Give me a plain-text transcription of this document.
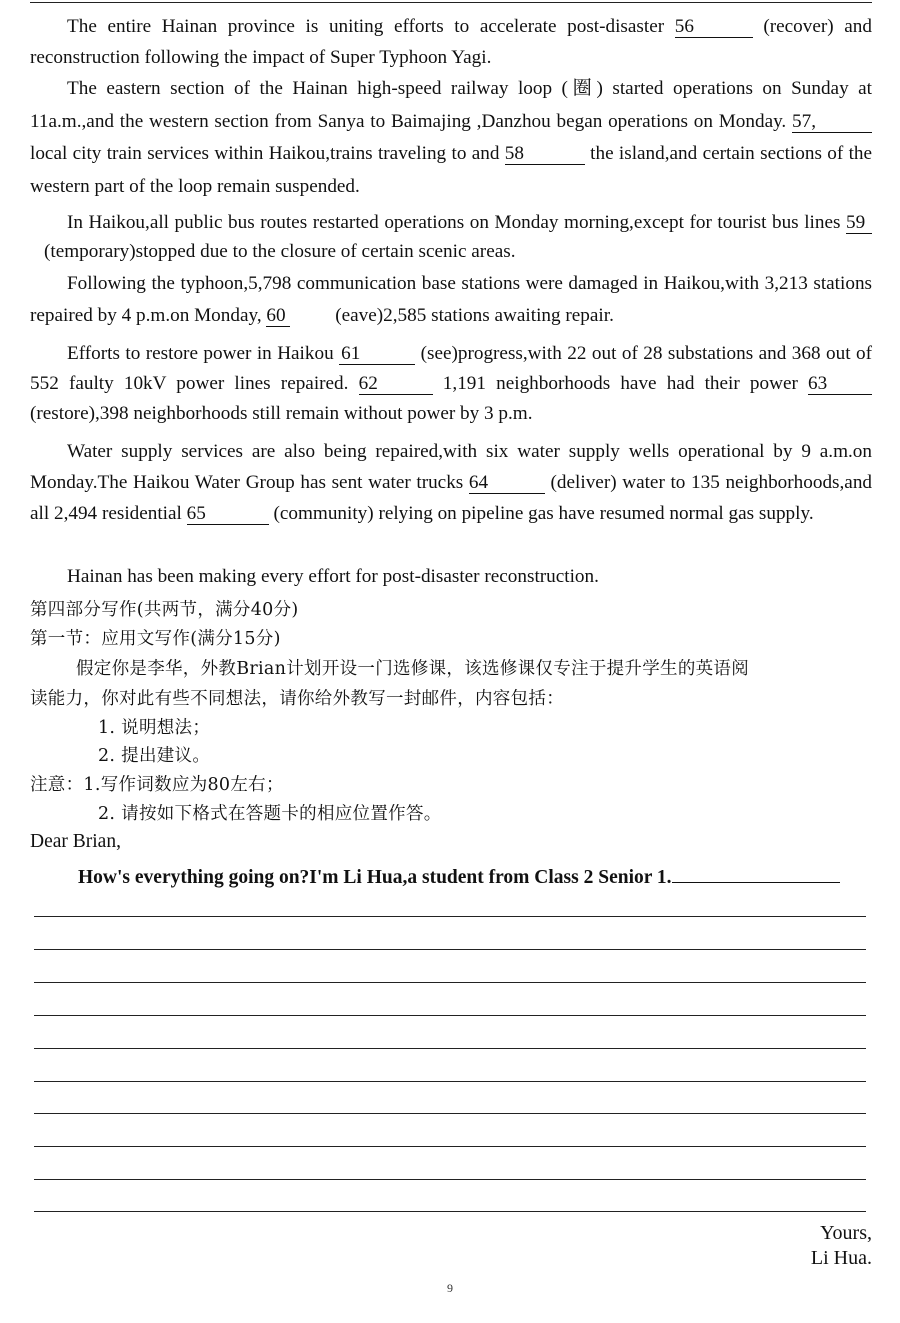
The entire Hainan province is uniting efforts to accelerate post-disaster 56	(recover) and reconstruction following the impact of Super Typhoon Yagi.
The eastern section of the Hainan high-speed railway loop (圈) started operations on Sunday at 11a.m.,and the western section from Sanya to Baimajing ,Danzhou began operations on Monday. 57,local city train services within Haikou,trains traveling to and 58	the island,and certain sections of the western part of the loop remain suspended.
In Haikou,all public bus routes restarted operations on Monday morning,except for tourist bus lines 59 (temporary)stopped due to the closure of certain scenic areas.
Following the typhoon,5,798 communication base stations were damaged in Haikou,with 3,213 stations repaired by 4 p.m.on Monday, 60	(eave)2,585 stations awaiting repair.
Efforts to restore power in Haikou 61	(see)progress,with 22 out of 28 substations and 368 out of 552 faulty 10kV power lines repaired. 62	1,191 neighborhoods have had their power 63 (restore),398 neighborhoods still remain without power by 3 p.m.
Water supply services are also being repaired,with six water supply wells operational by 9 a.m.on Monday.The Haikou Water Group has sent water trucks 64	(deliver) water to 135 neighborhoods,and all 2,494 residential 65	(community) relying on pipeline gas have resumed normal gas supply.
Hainan has been making every effort for post-disaster reconstruction.
第四部分写作(共两节，满分40分)
第一节：应用文写作(满分15分)
假定你是李华，外教Brian计划开设一门选修课，该选修课仅专注于提升学生的英语阅
读能力，你对此有些不同想法，请你给外教写一封邮件，内容包括：
1. 说明想法；
2. 提出建议。
注意：1.写作词数应为80左右；
2. 请按如下格式在答题卡的相应位置作答。
Dear Brian,
How's everything going on?I'm Li Hua,a student from Class 2 Senior 1.
Yours,
Li Hua.
9
